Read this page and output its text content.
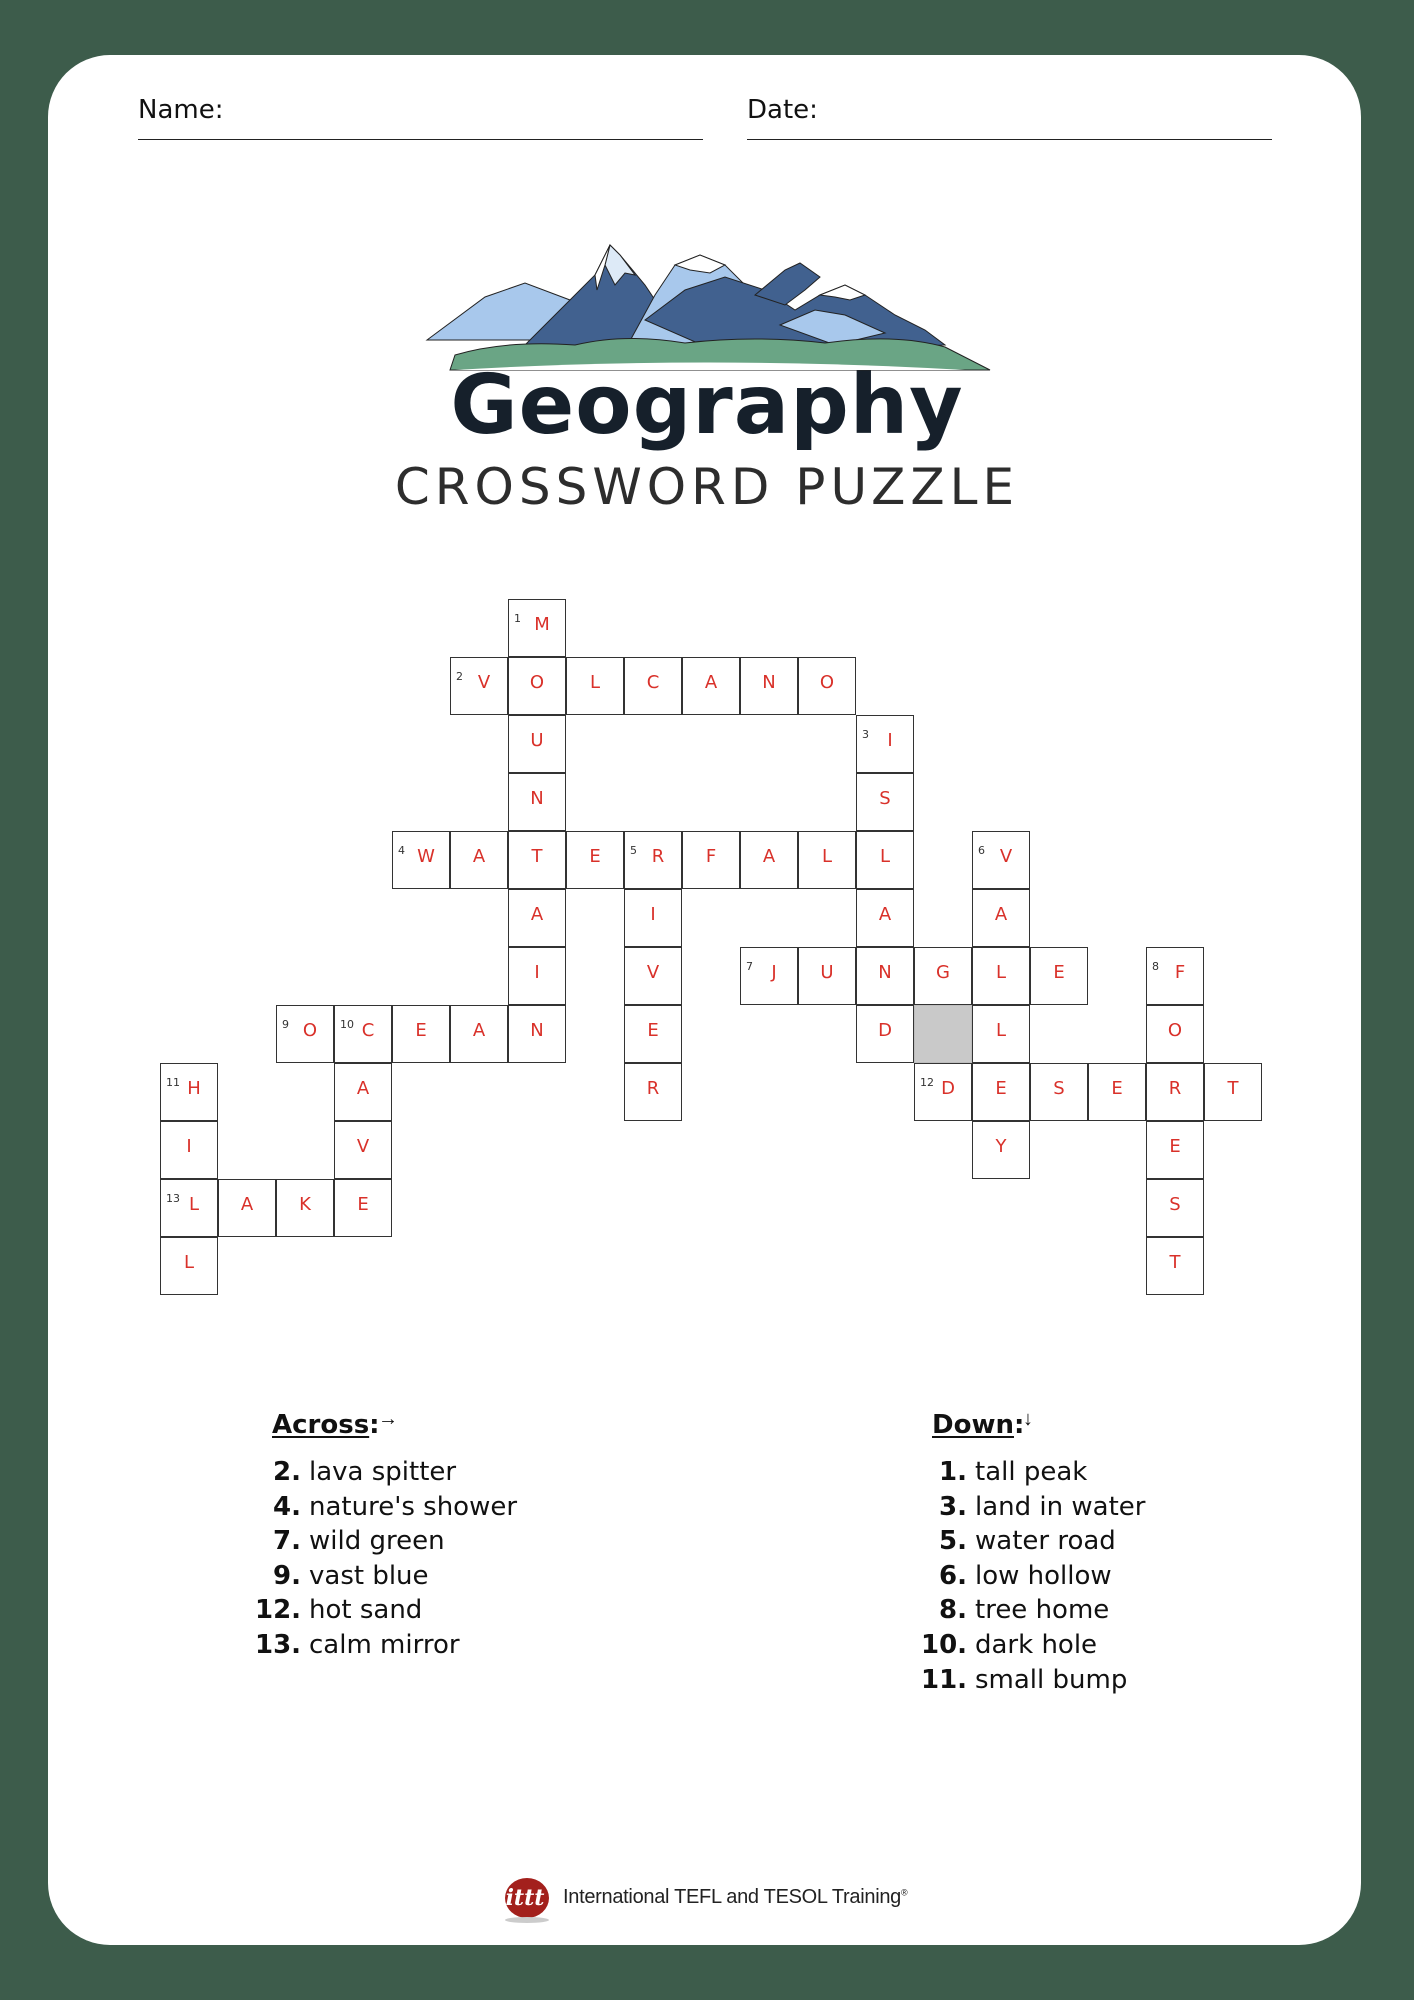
Name:	Date:
Geography
CROSSWORD PUZZLE
1 M
2 V	O	L	C	A	N	O
U	3	I
N	S
4 W	A	T	E	5 R	F	A	L	L	6 V
A	I	A	A
I	V	7	J	U	N	G	L	E	8 F
9 O	10 C	E	A	N	E	D	L	O
11 H	A	R	12 D	E	S	E	R	T
I	V	Y	E
13 L	A	K	E	S
L	T
Across:
→
2. lava spitter
4. nature's shower
7. wild green
9. vast blue
12. hot sand
13. calm mirror
Down:
↓
1. tall peak
3. land in water
5. water road
6. low hollow
8. tree home
10. dark hole
11. small bump
ittt International TEFL and TESOL Training®
